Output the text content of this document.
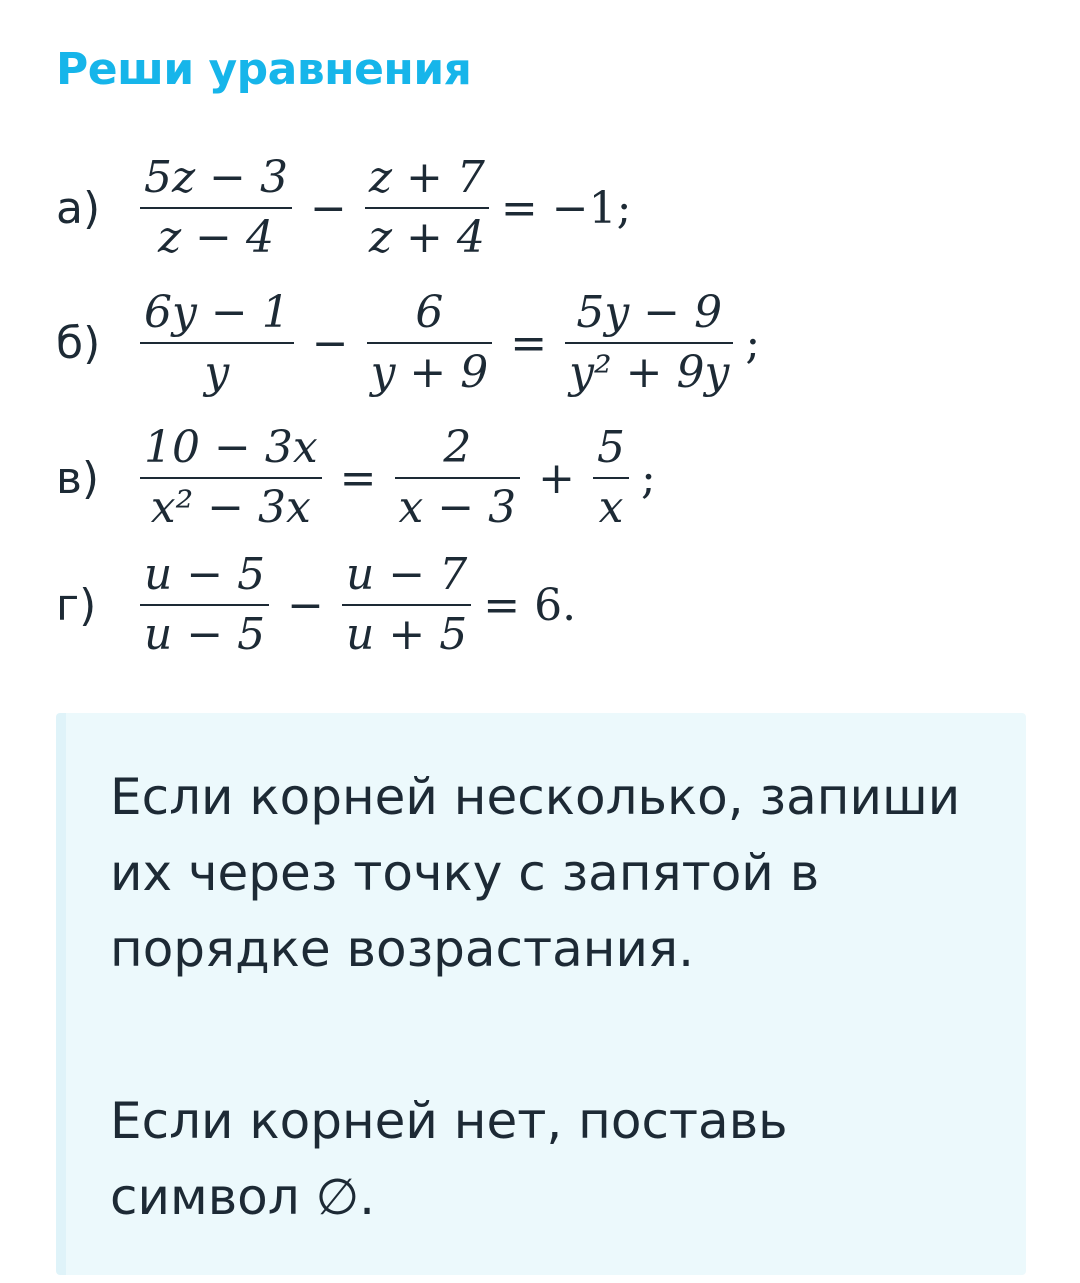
Реши уравнения
$а) \frac{5z - 3}{z - 4} - \frac{z + 7}{z + 4} = -1$;
$б) \frac{6y - 1}{y} - \frac{6}{y + 9} = \frac{5y - 9}{\text{y² + 9y}}$ ;
$в) \frac{10 - 3x}{\text{x² − 3x}} = \frac{2}{x - 3} + \frac{5}{x}$ ;
$г) \frac{u - 5}{u - 5} - \frac{u - 7}{u + 5} = 6$.

Если корней несколько, запиши их через точку с запятой в порядке возрастания.

Если корней нет, поставь символ ∅.
